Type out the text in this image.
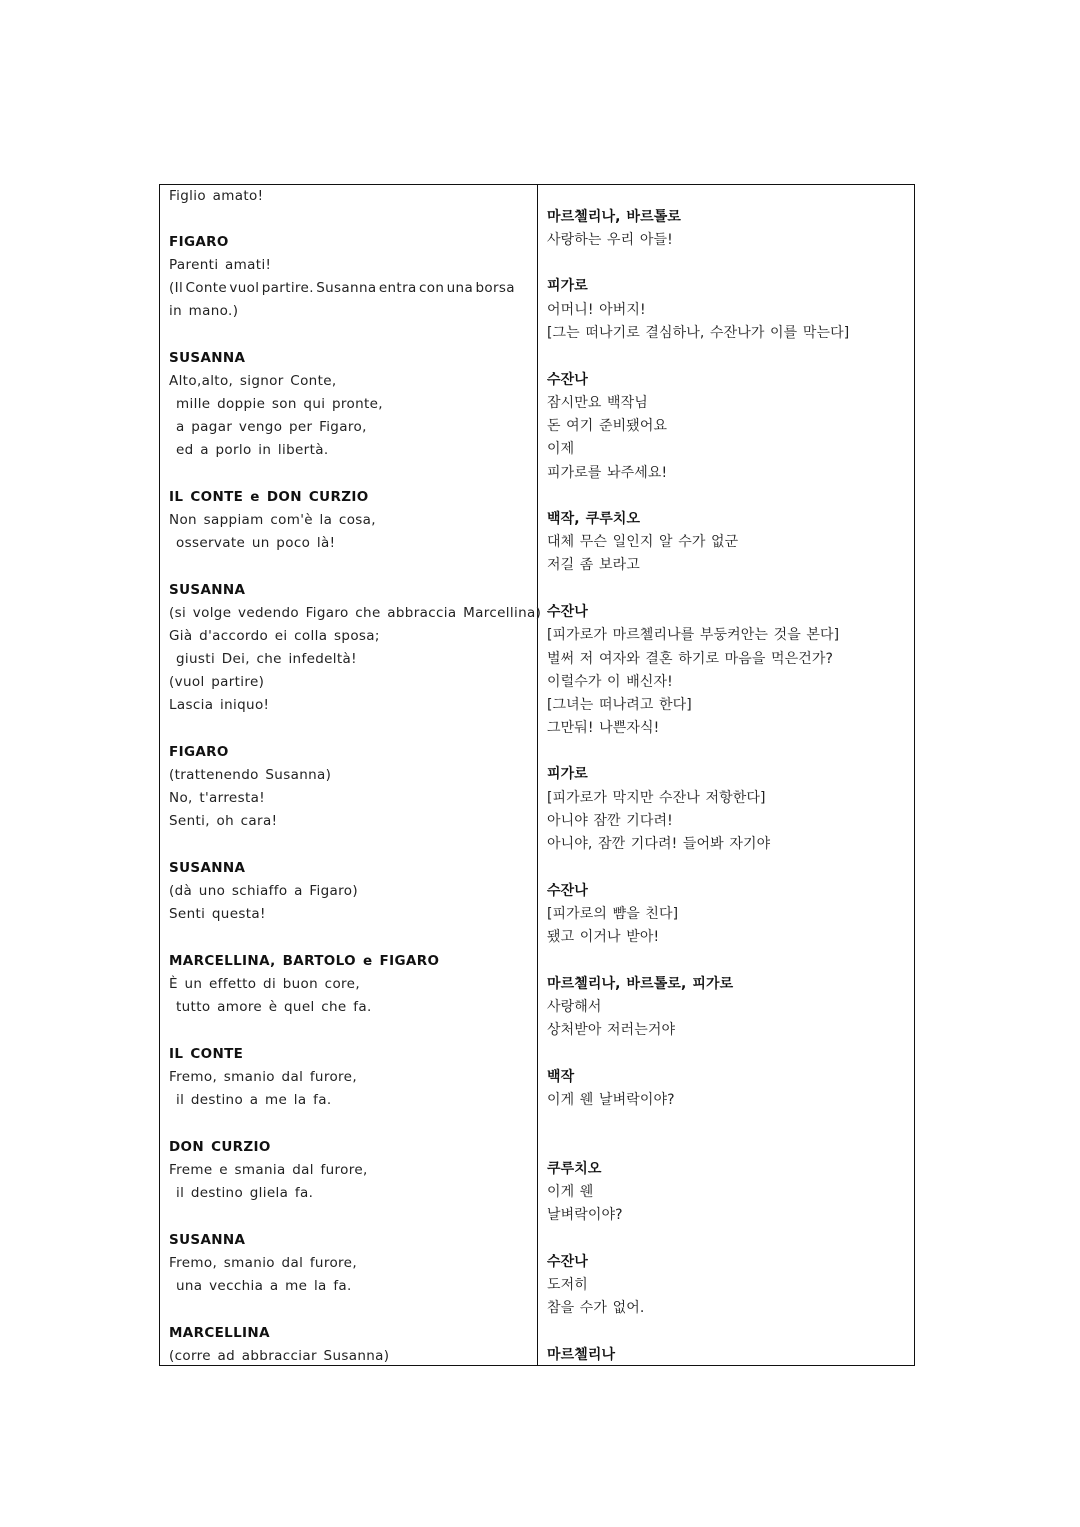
Figlio amato!
FIGARO
Parenti amati!
(Il Conte vuol partire. Susanna entra con una borsa
in mano.)
SUSANNA
Alto,alto, signor Conte,
mille doppie son qui pronte,
a pagar vengo per Figaro,
ed a porlo in libertà.
IL CONTE e DON CURZIO
Non sappiam com'è la cosa,
osservate un poco là!
SUSANNA
(si volge vedendo Figaro che abbraccia Marcellina)
Già d'accordo ei colla sposa;
giusti Dei, che infedeltà!
(vuol partire)
Lascia iniquo!
FIGARO
(trattenendo Susanna)
No, t'arresta!
Senti, oh cara!
SUSANNA
(dà uno schiaffo a Figaro)
Senti questa!
MARCELLINA, BARTOLO e FIGARO
È un effetto di buon core,
tutto amore è quel che fa.
IL CONTE
Fremo, smanio dal furore,
il destino a me la fa.
DON CURZIO
Freme e smania dal furore,
il destino gliela fa.
SUSANNA
Fremo, smanio dal furore,
una vecchia a me la fa.
MARCELLINA
(corre ad abbracciar Susanna)
마르첼리나, 바르톨로
사랑하는 우리 아들!
피가로
어머니! 아버지!
[그는 떠나기로 결심하나, 수잔나가 이를 막는다]
수잔나
잠시만요 백작님
돈 여기 준비됐어요
이제
피가로를 놔주세요!
백작, 쿠루치오
대체 무슨 일인지 알 수가 없군
저길 좀 보라고
수잔나
[피가로가 마르첼리나를 부둥켜안는 것을 본다]
벌써 저 여자와 결혼 하기로 마음을 먹은건가?
이럴수가 이 배신자!
[그녀는 떠나려고 한다]
그만둬! 나쁜자식!
피가로
[피가로가 막지만 수잔나 저항한다]
아니야 잠깐 기다려!
아니야, 잠깐 기다려! 들어봐 자기야
수잔나
[피가로의 뺨을 친다]
됐고 이거나 받아!
마르첼리나, 바르톨로, 피가로
사랑해서
상처받아 저러는거야
백작
이게 웬 날벼락이야?
쿠루치오
이게 웬
날벼락이야?
수잔나
도저히
참을 수가 없어.
마르첼리나
